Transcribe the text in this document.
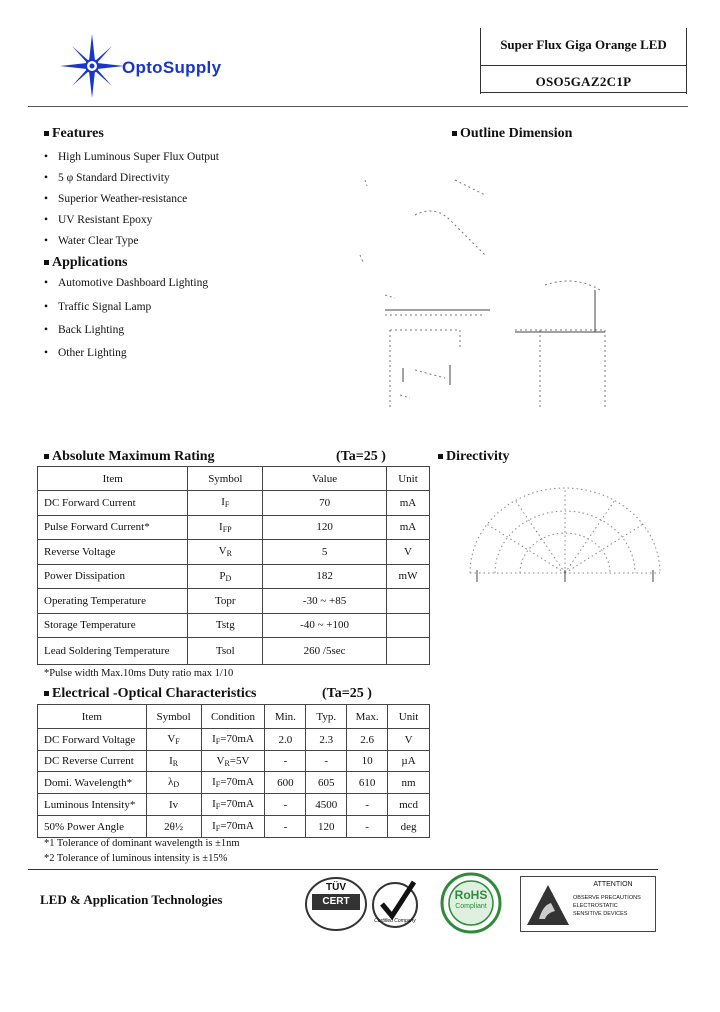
OptoSupply
Super Flux Giga Orange LED
OSO5GAZ2C1P
Features
• High Luminous Super Flux Output
• 5 φ Standard Directivity
• Superior Weather-resistance
• UV Resistant Epoxy
• Water Clear Type
Applications
• Automotive Dashboard Lighting
• Traffic Signal Lamp
• Back Lighting
• Other Lighting
Outline Dimension
Absolute Maximum Rating	(Ta=25 )
Item	Symbol	Value	Unit
DC Forward Current	$I_F$	70	mA
Pulse Forward Current*	$I_{FP}$	120	mA
Reverse Voltage	$V_R$	5	V
Power Dissipation	$P_D$	182	mW
Operating Temperature	Topr	-30 ~ +85	
Storage Temperature	Tstg	-40 ~ +100	
Lead Soldering Temperature	Tsol	260 /5sec	
*Pulse width Max.10ms Duty ratio max 1/10
Directivity
Electrical -Optical Characteristics	(Ta=25 )
Item	Symbol	Condition	Min.	Typ.	Max.	Unit
DC Forward Voltage	$V_F$	$I_F=70mA$	2.0	2.3	2.6	V
DC Reverse Current	$I_R$	$V_R=5V$	-	-	10	µA
Domi. Wavelength*	$\lambda_D$	$I_F=70mA$	600	605	610	nm
Luminous Intensity*	Iv	$I_F=70mA$	-	4500	-	mcd
50% Power Angle	2θ½	$I_F=70mA$	-	120	-	deg
*1 Tolerance of dominant wavelength is ±1nm
*2 Tolerance of luminous intensity is ±15%
LED & Application Technologies
TÜV
CERT
Certified Company
RoHS
Compliant
ATTENTION
OBSERVE PRECAUTIONS
ELECTROSTATIC
SENSITIVE DEVICES
